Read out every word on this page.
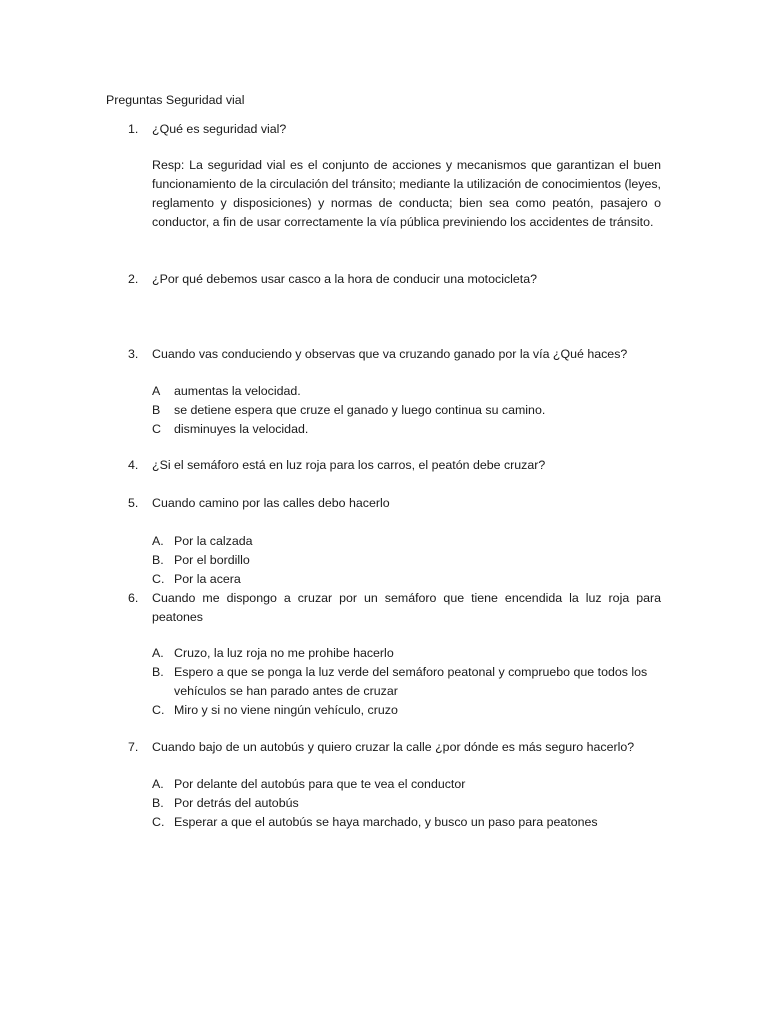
Preguntas Seguridad vial
1. ¿Qué es seguridad vial?
Resp: La seguridad vial es el conjunto de acciones y mecanismos que garantizan el buen funcionamiento de la circulación del tránsito; mediante la utilización de conocimientos (leyes, reglamento y disposiciones) y normas de conducta; bien sea como peatón, pasajero o conductor, a fin de usar correctamente la vía pública previniendo los accidentes de tránsito.
2. ¿Por qué debemos usar casco a la hora de conducir una motocicleta?
3. Cuando vas conduciendo y observas que va cruzando ganado por la vía ¿Qué haces?
A aumentas la velocidad.
B se detiene espera que cruze el ganado y luego continua su camino.
C disminuyes la velocidad.
4. ¿Si el semáforo está en luz roja para los carros, el peatón debe cruzar?
5. Cuando camino por las calles debo hacerlo
A. Por la calzada
B. Por el bordillo
C. Por la acera
6. Cuando me dispongo a cruzar por un semáforo que tiene encendida la luz roja para peatones
A. Cruzo, la luz roja no me prohibe hacerlo
B. Espero a que se ponga la luz verde del semáforo peatonal y compruebo que todos los vehículos se han parado antes de cruzar
C. Miro y si no viene ningún vehículo, cruzo
7. Cuando bajo de un autobús y quiero cruzar la calle ¿por dónde es más seguro hacerlo?
A. Por delante del autobús para que te vea el conductor
B. Por detrás del autobús
C. Esperar a que el autobús se haya marchado, y busco un paso para peatones
